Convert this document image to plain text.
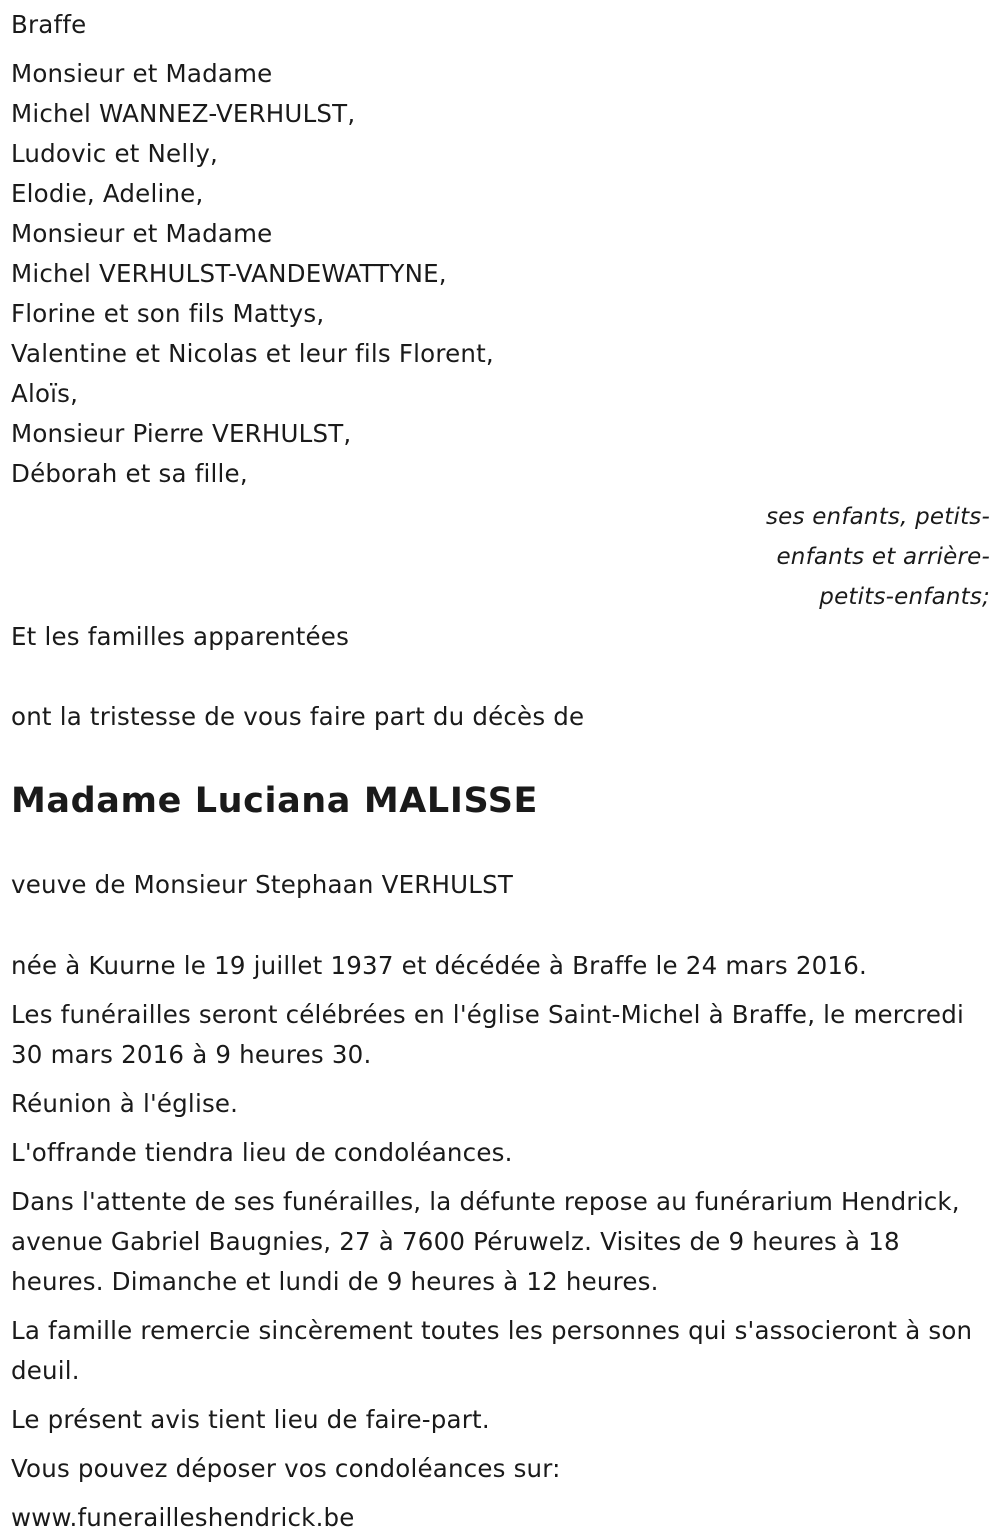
Braffe
Monsieur et Madame
Michel WANNEZ-VERHULST,
Ludovic et Nelly,
Elodie, Adeline,
Monsieur et Madame
Michel VERHULST-VANDEWATTYNE,
Florine et son fils Mattys,
Valentine et Nicolas et leur fils Florent,
Aloïs,
Monsieur Pierre VERHULST,
Déborah et sa fille,
ses enfants, petits-
enfants et arrière-
petits-enfants;
Et les familles apparentées
ont la tristesse de vous faire part du décès de
Madame Luciana MALISSE
veuve de Monsieur Stephaan VERHULST
née à Kuurne le 19 juillet 1937 et décédée à Braffe le 24 mars 2016.
Les funérailles seront célébrées en l'église Saint-Michel à Braffe, le mercredi 30 mars 2016 à 9 heures 30.
Réunion à l'église.
L'offrande tiendra lieu de condoléances.
Dans l'attente de ses funérailles, la défunte repose au funérarium Hendrick, avenue Gabriel Baugnies, 27 à 7600 Péruwelz. Visites de 9 heures à 18 heures. Dimanche et lundi de 9 heures à 12 heures.
La famille remercie sincèrement toutes les personnes qui s'associeront à son deuil.
Le présent avis tient lieu de faire-part.
Vous pouvez déposer vos condoléances sur:
www.funerailleshendrick.be
